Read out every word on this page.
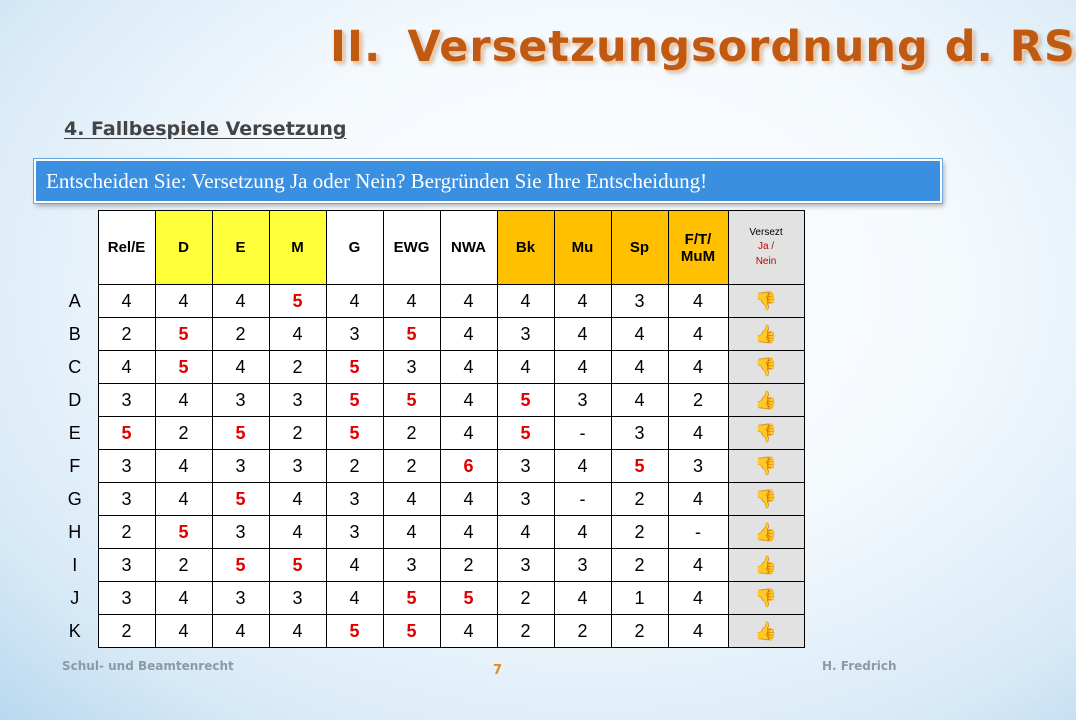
II. Versetzungsordnung d. RS
4. Fallbespiele Versetzung
Entscheiden Sie: Versetzung Ja oder Nein? Bergründen Sie Ihre Entscheidung!
	Rel/E	D	E	M	G	EWG	NWA	Bk	Mu	Sp	F/T/ MuM	Versezt
Ja /
Nein

A	4	4	4	5	4	4	4	4	4	3	4	👎
B	2	5	2	4	3	5	4	3	4	4	4	👍
C	4	5	4	2	5	3	4	4	4	4	4	👎
D	3	4	3	3	5	5	4	5	3	4	2	👍
E	5	2	5	2	5	2	4	5	-	3	4	👎
F	3	4	3	3	2	2	6	3	4	5	3	👎
G	3	4	5	4	3	4	4	3	-	2	4	👎
H	2	5	3	4	3	4	4	4	4	2	-	👍
I	3	2	5	5	4	3	2	3	3	2	4	👍
J	3	4	3	3	4	5	5	2	4	1	4	👎
K	2	4	4	4	5	5	4	2	2	2	4	👍
Schul- und Beamtenrecht	7	H. Fredrich
